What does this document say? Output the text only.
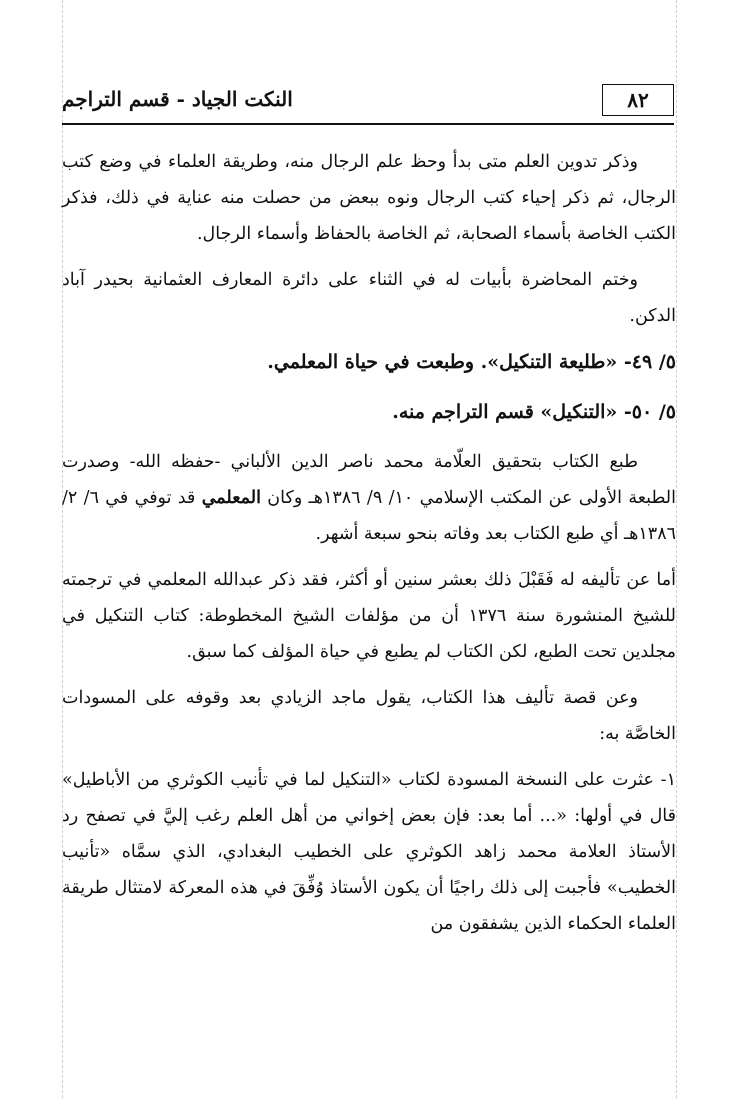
٨٢
النكت الجياد - قسم التراجم

وذكر تدوين العلم متى بدأ وحظ علم الرجال منه، وطريقة العلماء في وضع كتب الرجال، ثم ذكر إحياء كتب الرجال ونوه ببعض من حصلت منه عناية في ذلك، فذكر الكتب الخاصة بأسماء الصحابة، ثم الخاصة بالحفاظ وأسماء الرجال.

وختم المحاضرة بأبيات له في الثناء على دائرة المعارف العثمانية بحيدر آباد الدكن.

٥/ ٤٩- «طليعة التنكيل». وطبعت في حياة المعلمي.

٥/ ٥٠- «التنكيل» قسم التراجم منه.

طبع الكتاب بتحقيق العلّامة محمد ناصر الدين الألباني -حفظه الله- وصدرت الطبعة الأولى عن المكتب الإسلامي ١٠/ ٩/ ١٣٨٦هـ وكان المعلمي قد توفي في ٦/ ٢/ ١٣٨٦هـ أي طبع الكتاب بعد وفاته بنحو سبعة أشهر.

أما عن تأليفه له فَقَبْلَ ذلك بعشر سنين أو أكثر، فقد ذكر عبدالله المعلمي في ترجمته للشيخ المنشورة سنة ١٣٧٦ أن من مؤلفات الشيخ المخطوطة: كتاب التنكيل في مجلدين تحت الطبع، لكن الكتاب لم يطبع في حياة المؤلف كما سبق.

وعن قصة تأليف هذا الكتاب، يقول ماجد الزيادي بعد وقوفه على المسودات الخاصَّة به:

١- عثرت على النسخة المسودة لكتاب «التنكيل لما في تأنيب الكوثري من الأباطيل» قال في أولها: «... أما بعد: فإن بعض إخواني من أهل العلم رغب إليَّ في تصفح رد الأستاذ العلامة محمد زاهد الكوثري على الخطيب البغدادي، الذي سمَّاه «تأنيب الخطيب» فأجبت إلى ذلك راجيًا أن يكون الأستاذ وُفِّقَ في هذه المعركة لامتثال طريقة العلماء الحكماء الذين يشفقون من
